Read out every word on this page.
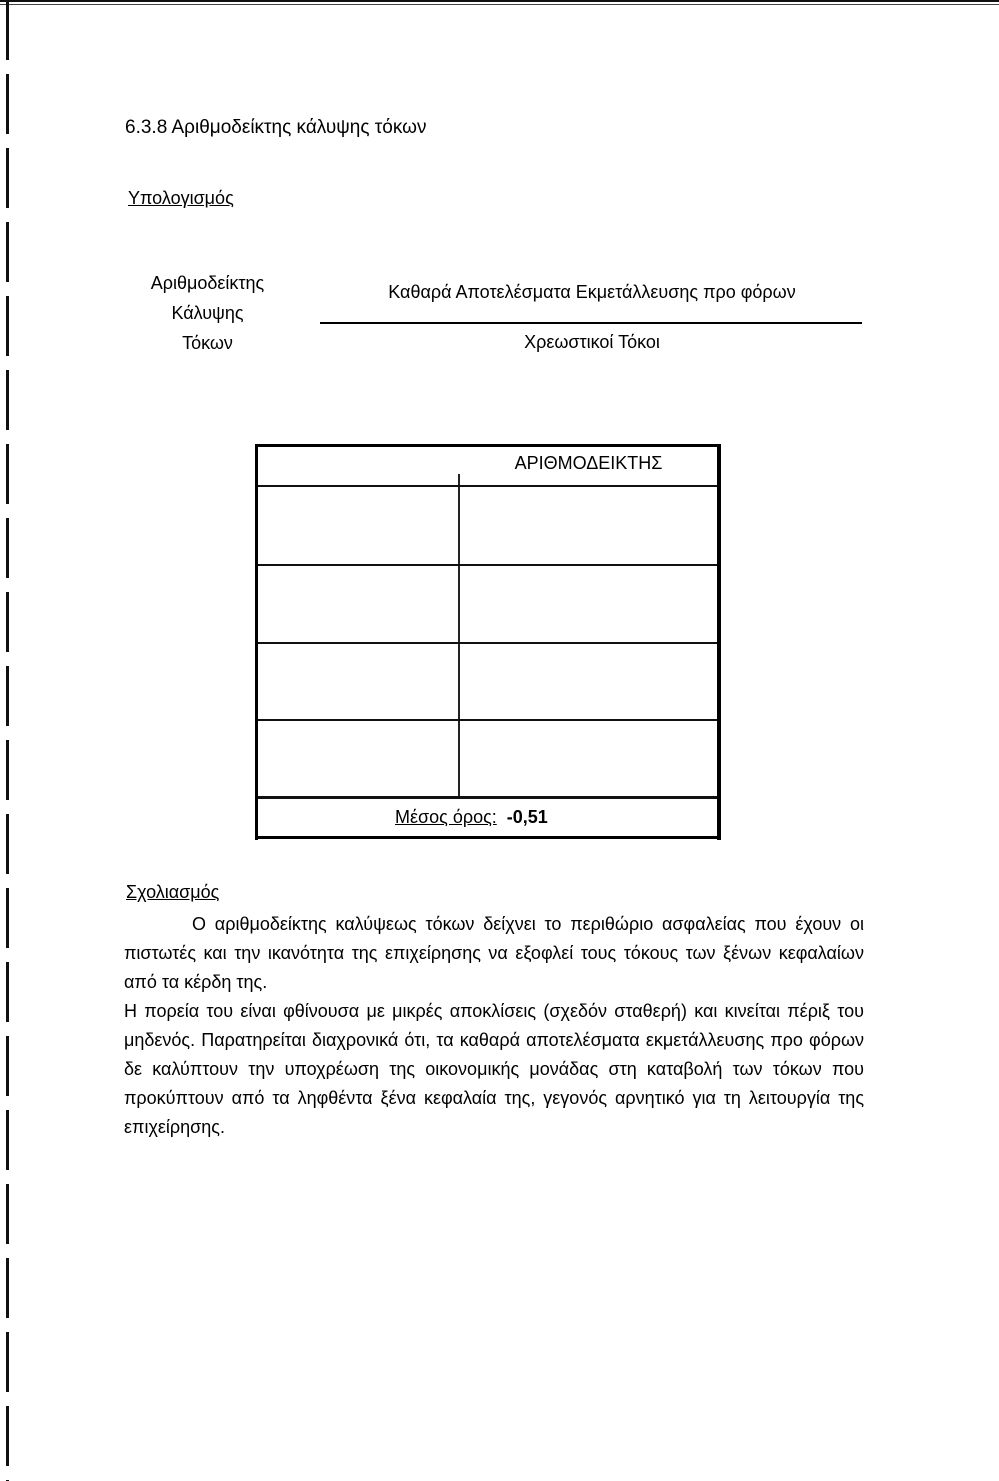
6.3.8 Αριθμοδείκτης κάλυψης τόκων
Υπολογισμός
Αριθμοδείκτης
Κάλυψης
Τόκων
Καθαρά Αποτελέσματα Εκμετάλλευσης προ φόρων
Χρεωστικοί Τόκοι
ΑΡΙΘΜΟΔΕΙΚΤΗΣ
Μέσος όρος: -0,51
Σχολιασμός

Ο αριθμοδείκτης καλύψεως τόκων δείχνει το περιθώριο ασφαλείας που έχουν οι πιστωτές και την ικανότητα της επιχείρησης να εξοφλεί τους τόκους των ξένων κεφαλαίων από τα κέρδη της.

Η πορεία του είναι φθίνουσα με μικρές αποκλίσεις (σχεδόν σταθερή) και κινείται πέριξ του μηδενός. Παρατηρείται διαχρονικά ότι, τα καθαρά αποτελέσματα εκμετάλλευσης προ φόρων δε καλύπτουν την υποχρέωση της οικονομικής μονάδας στη καταβολή των τόκων που προκύπτουν από τα ληφθέντα ξένα κεφαλαία της, γεγονός αρνητικό για τη λειτουργία της επιχείρησης.
